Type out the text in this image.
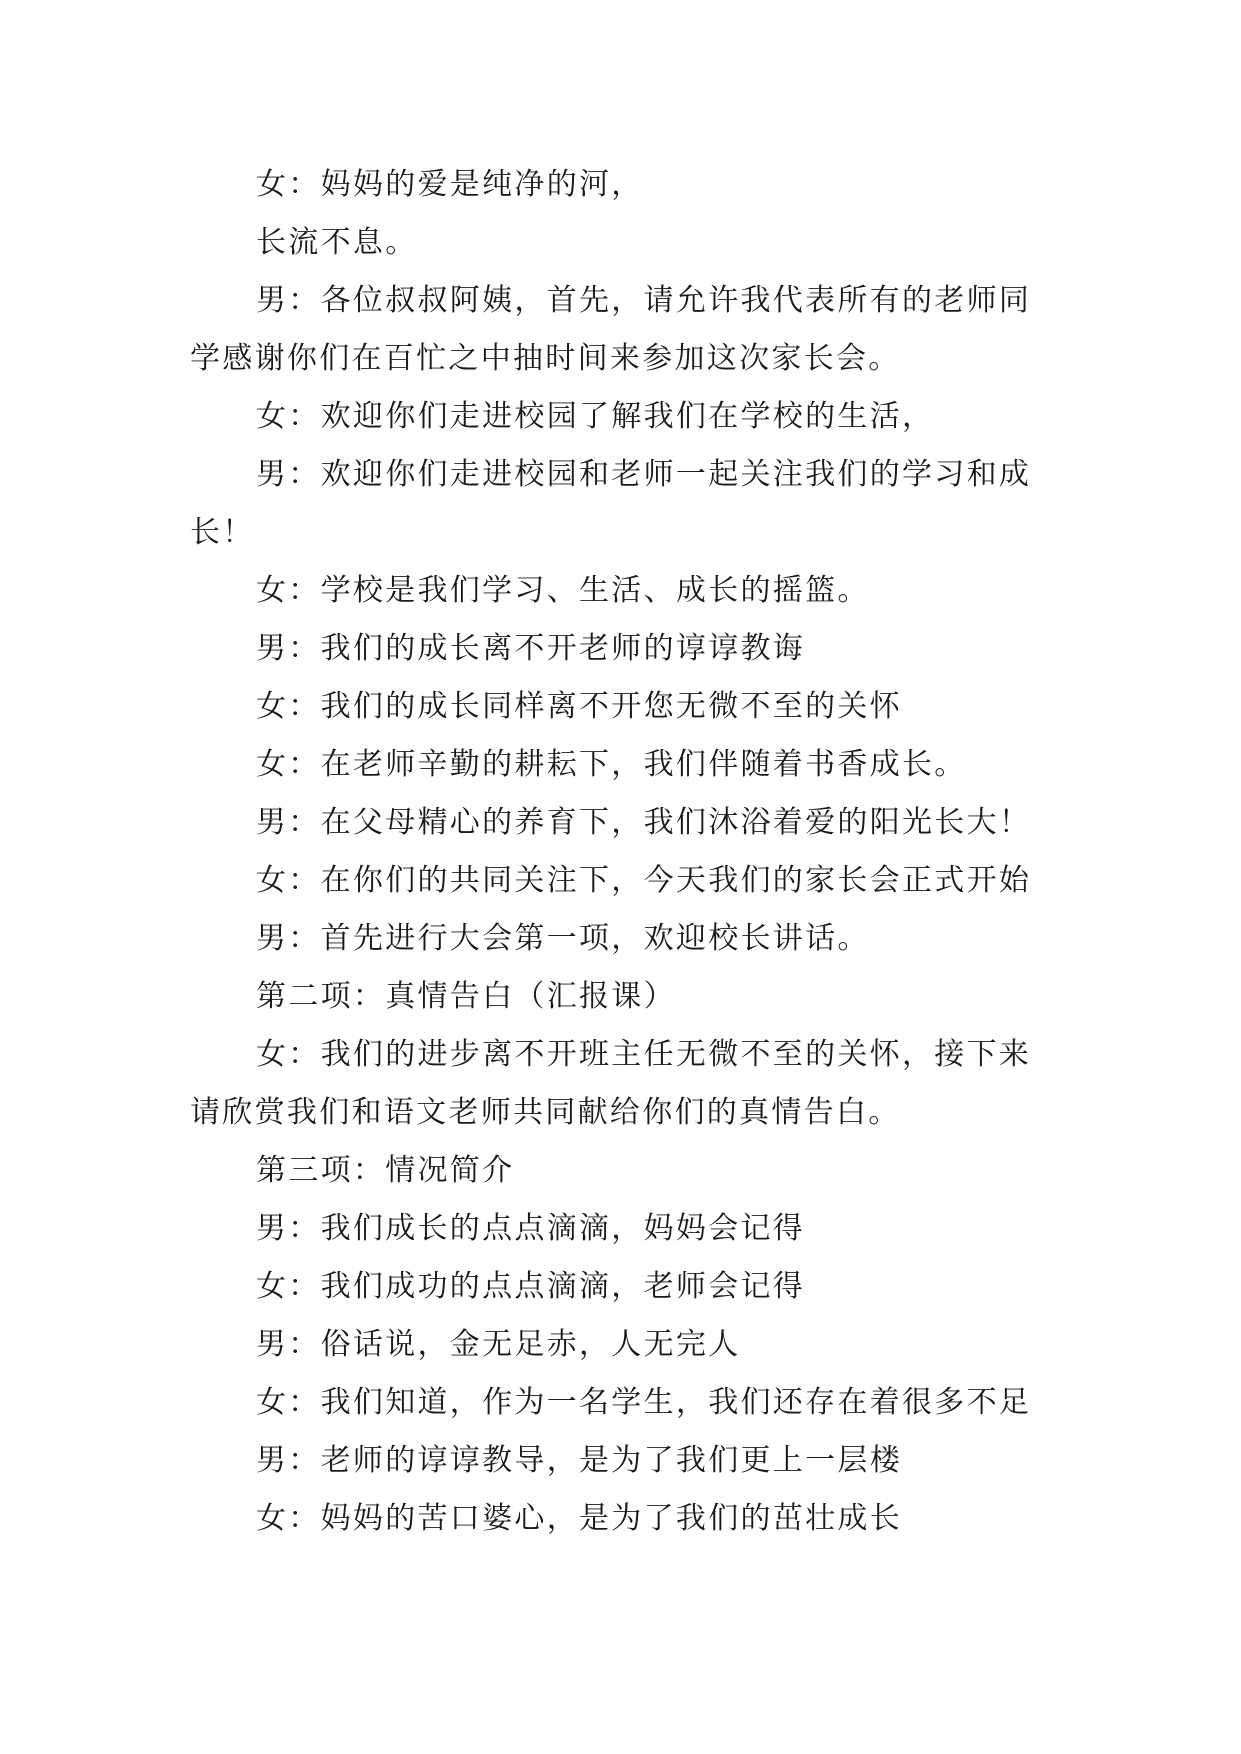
女：妈妈的爱是纯净的河，

长流不息。

男：各位叔叔阿姨，首先，请允许我代表所有的老师同学感谢你们在百忙之中抽时间来参加这次家长会。

女：欢迎你们走进校园了解我们在学校的生活，

男：欢迎你们走进校园和老师一起关注我们的学习和成长！

女：学校是我们学习、生活、成长的摇篮。

男：我们的成长离不开老师的谆谆教诲

女：我们的成长同样离不开您无微不至的关怀

女：在老师辛勤的耕耘下，我们伴随着书香成长。

男：在父母精心的养育下，我们沐浴着爱的阳光长大！

女：在你们的共同关注下，今天我们的家长会正式开始

男：首先进行大会第一项，欢迎校长讲话。

第二项：真情告白（汇报课）

女：我们的进步离不开班主任无微不至的关怀，接下来请欣赏我们和语文老师共同献给你们的真情告白。

第三项：情况简介

男：我们成长的点点滴滴，妈妈会记得

女：我们成功的点点滴滴，老师会记得

男：俗话说，金无足赤，人无完人

女：我们知道，作为一名学生，我们还存在着很多不足

男：老师的谆谆教导，是为了我们更上一层楼

女：妈妈的苦口婆心，是为了我们的茁壮成长
